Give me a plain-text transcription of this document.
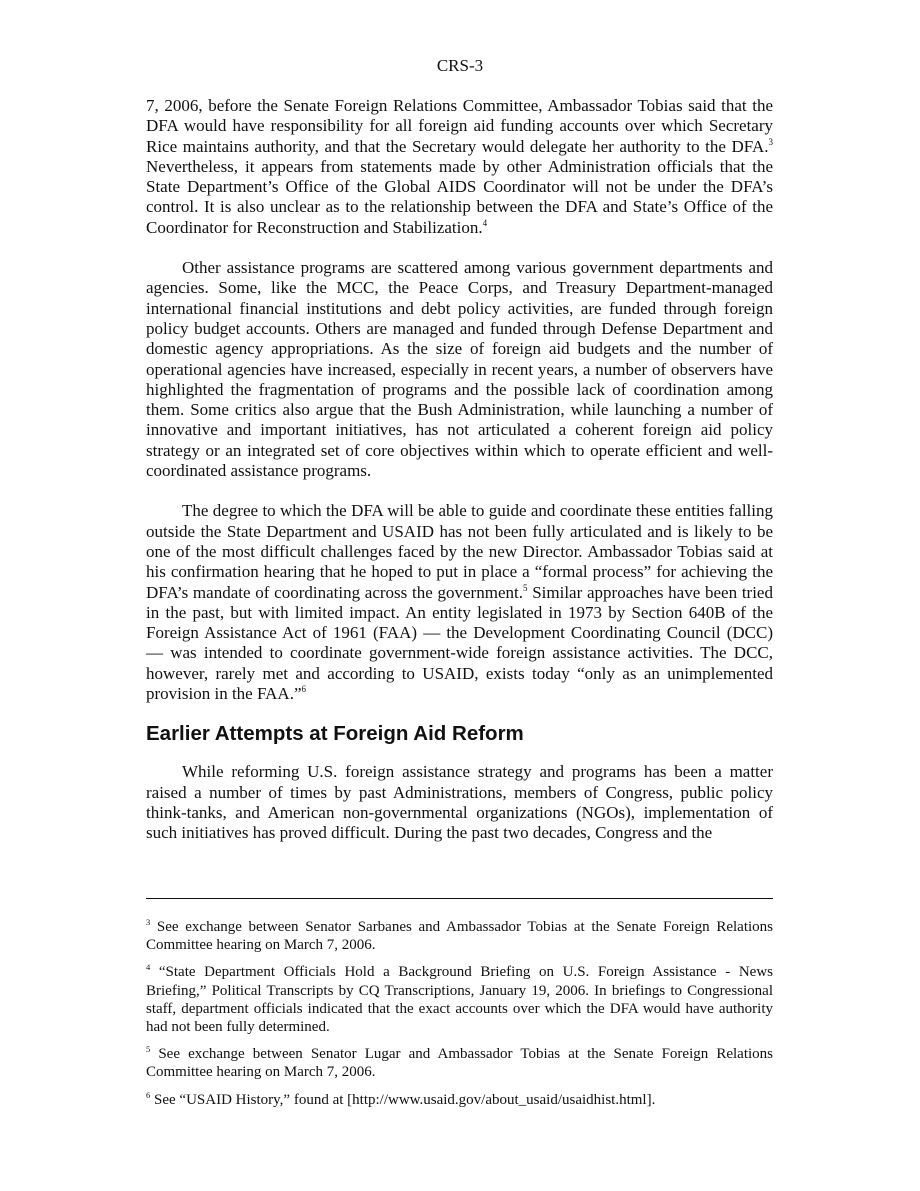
CRS-3

7, 2006, before the Senate Foreign Relations Committee, Ambassador Tobias said that the DFA would have responsibility for all foreign aid funding accounts over which Secretary Rice maintains authority, and that the Secretary would delegate her authority to the DFA.$^3$ Nevertheless, it appears from statements made by other Administration officials that the State Department’s Office of the Global AIDS Coordinator will not be under the DFA’s control. It is also unclear as to the relationship between the DFA and State’s Office of the Coordinator for Reconstruction and Stabilization.$^4$

Other assistance programs are scattered among various government departments and agencies. Some, like the MCC, the Peace Corps, and Treasury Department-managed international financial institutions and debt policy activities, are funded through foreign policy budget accounts. Others are managed and funded through Defense Department and domestic agency appropriations. As the size of foreign aid budgets and the number of operational agencies have increased, especially in recent years, a number of observers have highlighted the fragmentation of programs and the possible lack of coordination among them. Some critics also argue that the Bush Administration, while launching a number of innovative and important initiatives, has not articulated a coherent foreign aid policy strategy or an integrated set of core objectives within which to operate efficient and well-coordinated assistance programs.

The degree to which the DFA will be able to guide and coordinate these entities falling outside the State Department and USAID has not been fully articulated and is likely to be one of the most difficult challenges faced by the new Director. Ambassador Tobias said at his confirmation hearing that he hoped to put in place a “formal process” for achieving the DFA’s mandate of coordinating across the government.$^5$ Similar approaches have been tried in the past, but with limited impact. An entity legislated in 1973 by Section 640B of the Foreign Assistance Act of 1961 (FAA) — the Development Coordinating Council (DCC) — was intended to coordinate government-wide foreign assistance activities. The DCC, however, rarely met and according to USAID, exists today “only as an unimplemented provision in the FAA.”$^6$

Earlier Attempts at Foreign Aid Reform

While reforming U.S. foreign assistance strategy and programs has been a matter raised a number of times by past Administrations, members of Congress, public policy think-tanks, and American non-governmental organizations (NGOs), implementation of such initiatives has proved difficult. During the past two decades, Congress and the

$^3$ See exchange between Senator Sarbanes and Ambassador Tobias at the Senate Foreign Relations Committee hearing on March 7, 2006.

$^4$ “State Department Officials Hold a Background Briefing on U.S. Foreign Assistance - News Briefing,” Political Transcripts by CQ Transcriptions, January 19, 2006. In briefings to Congressional staff, department officials indicated that the exact accounts over which the DFA would have authority had not been fully determined.

$^5$ See exchange between Senator Lugar and Ambassador Tobias at the Senate Foreign Relations Committee hearing on March 7, 2006.

$^6$ See “USAID History,” found at [http://www.usaid.gov/about_usaid/usaidhist.html].
